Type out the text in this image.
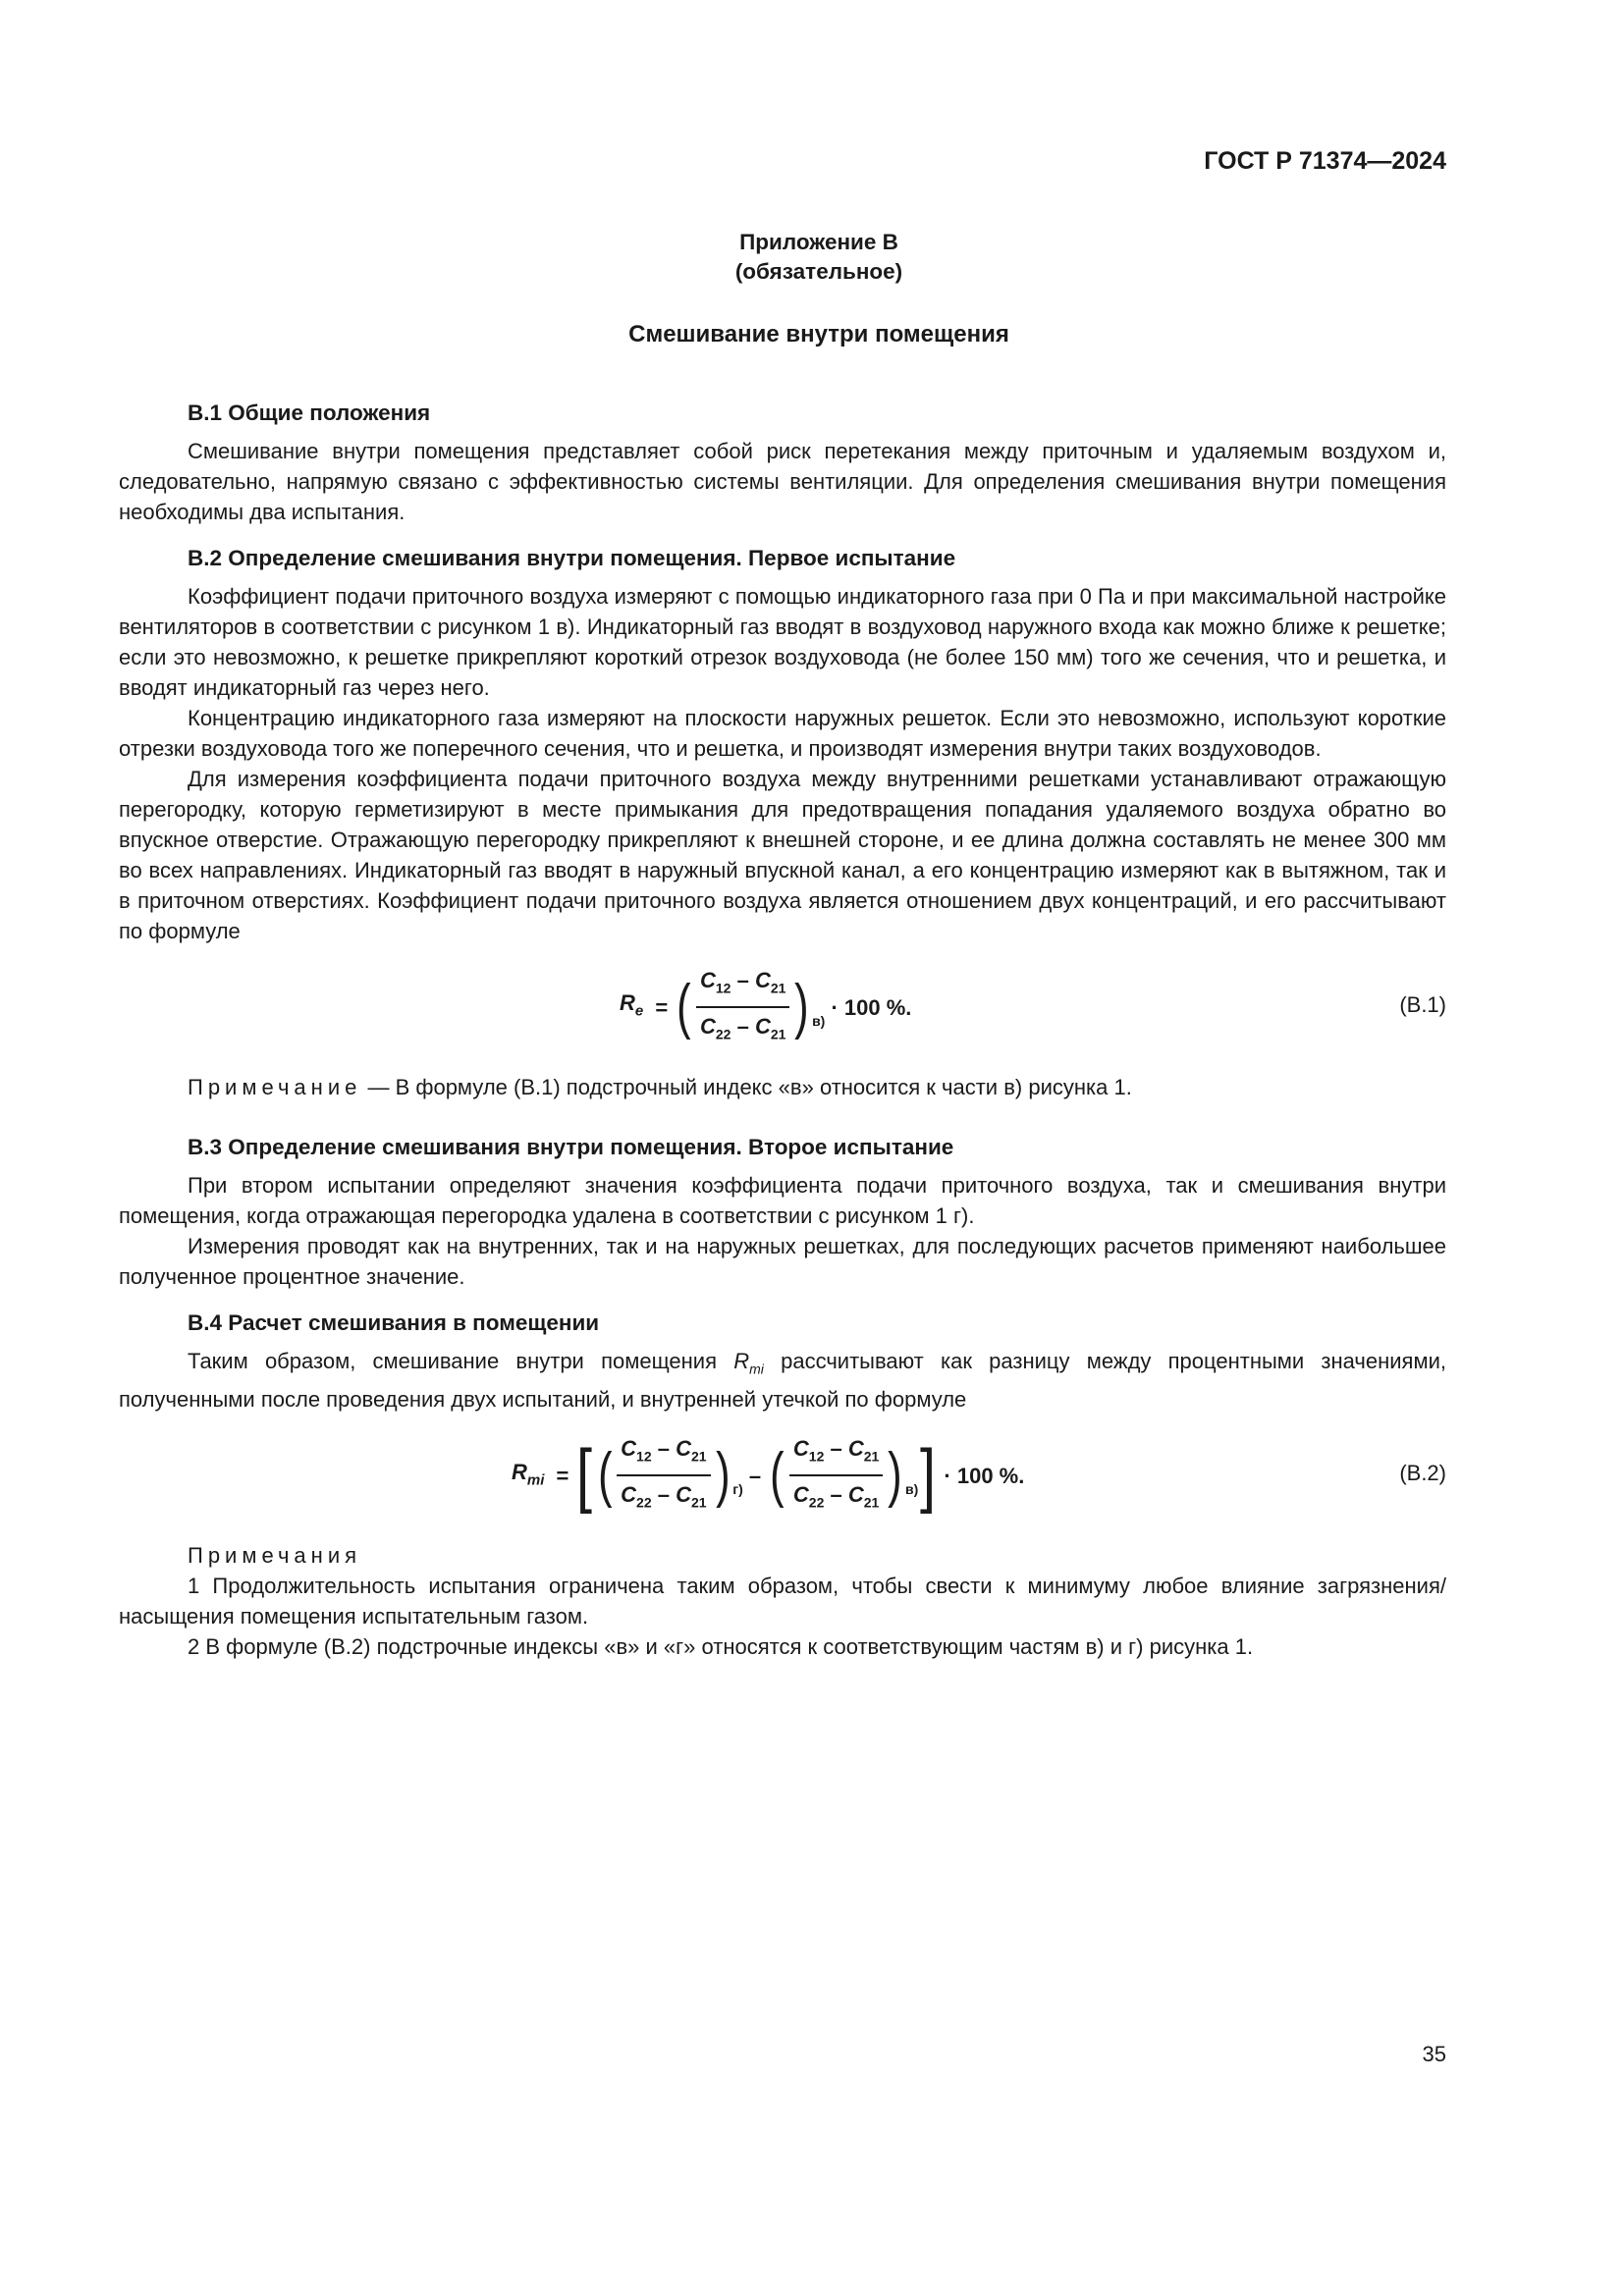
ГОСТ Р 71374—2024
Приложение В
(обязательное)
Смешивание внутри помещения
В.1 Общие положения

Смешивание внутри помещения представляет собой риск перетекания между приточным и удаляемым воздухом и, следовательно, напрямую связано с эффективностью системы вентиляции. Для определения смешивания внутри помещения необходимы два испытания.

В.2 Определение смешивания внутри помещения. Первое испытание

Коэффициент подачи приточного воздуха измеряют с помощью индикаторного газа при 0 Па и при максимальной настройке вентиляторов в соответствии с рисунком 1 в). Индикаторный газ вводят в воздуховод наружного входа как можно ближе к решетке; если это невозможно, к решетке прикрепляют короткий отрезок воздуховода (не более 150 мм) того же сечения, что и решетка, и вводят индикаторный газ через него.

Концентрацию индикаторного газа измеряют на плоскости наружных решеток. Если это невозможно, используют короткие отрезки воздуховода того же поперечного сечения, что и решетка, и производят измерения внутри таких воздуховодов.

Для измерения коэффициента подачи приточного воздуха между внутренними решетками устанавливают отражающую перегородку, которую герметизируют в месте примыкания для предотвращения попадания удаляемого воздуха обратно во впускное отверстие. Отражающую перегородку прикрепляют к внешней стороне, и ее длина должна составлять не менее 300 мм во всех направлениях. Индикаторный газ вводят в наружный впускной канал, а его концентрацию измеряют как в вытяжном, так и в приточном отверстиях. Коэффициент подачи приточного воздуха является отношением двух концентраций, и его рассчитывают по формуле

$R_e$ = ( $\frac{C_{12} - C_{21}}{C_{22} - C_{21}}$ ) в)
· 100 %.	(В.1)
Примечание — В формуле (В.1) подстрочный индекс «в» относится к части в) рисунка 1.
В.3 Определение смешивания внутри помещения. Второе испытание

При втором испытании определяют значения коэффициента подачи приточного воздуха, так и смешивания внутри помещения, когда отражающая перегородка удалена в соответствии с рисунком 1 г).

Измерения проводят как на внутренних, так и на наружных решетках, для последующих расчетов применяют наибольшее полученное процентное значение.

В.4 Расчет смешивания в помещении

Таким образом, смешивание внутри помещения $R_{mi}$ рассчитывают как разницу между процентными значениями, полученными после проведения двух испытаний, и внутренней утечкой по формуле

$R_{mi}$ = [ ( $\frac{C_{12} - C_{21}}{C_{22} - C_{21}}$ ) г)
– ( $\frac{C_{12} - C_{21}}{C_{22} - C_{21}}$ ) в) ] · 100 %.	(В.2)

Примечания

1 Продолжительность испытания ограничена таким образом, чтобы свести к минимуму любое влияние загрязнения/насыщения помещения испытательным газом.

2 В формуле (В.2) подстрочные индексы «в» и «г» относятся к соответствующим частям в) и г) рисунка 1.

35
